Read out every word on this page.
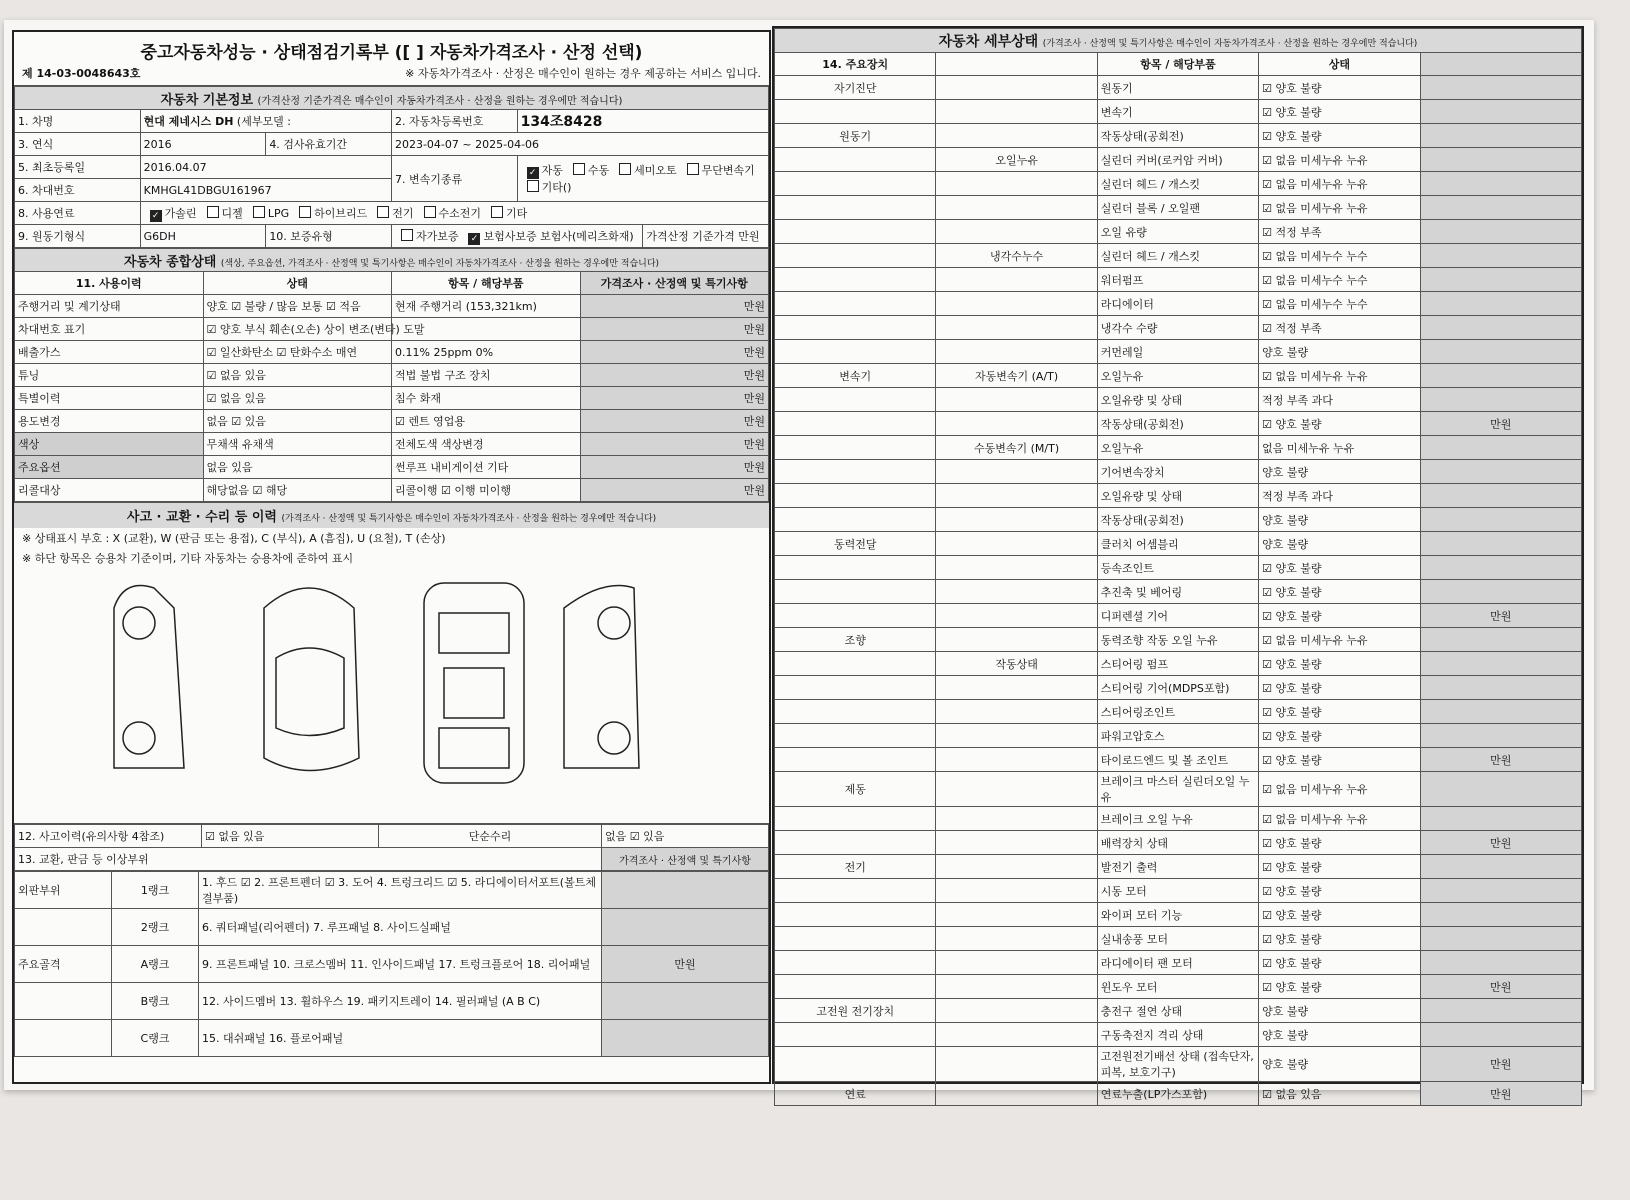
중고자동차성능 · 상태점검기록부 ([ ] 자동차가격조사 · 산정 선택)
제 14-03-0048643호	※ 자동차가격조사 · 산정은 매수인이 원하는 경우 제공하는 서비스 입니다.
자동차 기본정보 (가격산정 기준가격은 매수인이 자동차가격조사 · 산정을 원하는 경우에만 적습니다)					
1. 차명	현대 제네시스 DH (세부모델 :		2. 자동차등록번호	134조8428	
3. 연식	2016	4. 검사유효기간	2023-04-07 ~ 2025-04-06		
5. 최초등록일	2016.04.07		7. 변속기종류	✓ 자동 수동 세미오토 무단변속기기타()	
6. 차대번호	KMHGL41DBGU161967				
8. 사용연료	✓ 가솔린 디젤 LPG 하이브리드 전기 수소전기 기타				
9. 원동기형식	G6DH	10. 보증유형	자가보증 ✓ 보험사보증 보험사(메리츠화재)		가격산정 기준가격 만원
자동차 종합상태 (색상, 주요옵션, 가격조사 · 산정액 및 특기사항은 매수인이 자동차가격조사 · 산정을 원하는 경우에만 적습니다)			
11. 사용이력	상태	항목 / 해당부품	가격조사 · 산정액 및 특기사항
주행거리 및 계기상태	양호 ☑ 불량 / 많음 보통 ☑ 적음	현재 주행거리 (153,321km)	만원
차대번호 표기	☑ 양호 부식 훼손(오손) 상이 변조(변타) 도말		만원
배출가스	☑ 일산화탄소 ☑ 탄화수소 매연	0.11% 25ppm 0%	만원
튜닝	☑ 없음 있음	적법 불법 구조 장치	만원
특별이력	☑ 없음 있음	침수 화재	만원
용도변경	없음 ☑ 있음	☑ 렌트 영업용	만원
색상	무채색 유채색	전체도색 색상변경	만원
주요옵션	없음 있음	썬루프 내비게이션 기타	만원
리콜대상	해당없음 ☑ 해당	리콜이행 ☑ 이행 미이행	만원
사고 · 교환 · 수리 등 이력 (가격조사 · 산정액 및 특기사항은 매수인이 자동차가격조사 · 산정을 원하는 경우에만 적습니다)
※ 상태표시 부호 : X (교환), W (판금 또는 용접), C (부식), A (흠집), U (요철), T (손상)
※ 하단 항목은 승용차 기준이며, 기타 자동차는 승용차에 준하여 표시
12. 사고이력(유의사항 4참조)	☑ 없음 있음	단순수리	없음 ☑ 있음
13. 교환, 판금 등 이상부위			가격조사 · 산정액 및 특기사항
외판부위	1랭크	1. 후드 ☑ 2. 프론트펜더 ☑ 3. 도어 4. 트렁크리드 ☑ 5. 라디에이터서포트(볼트체결부품)	
	2랭크	6. 쿼터패널(리어펜더) 7. 루프패널 8. 사이드실패널	
주요골격	A랭크	9. 프론트패널 10. 크로스멤버 11. 인사이드패널 17. 트렁크플로어 18. 리어패널	만원
	B랭크	12. 사이드멤버 13. 휠하우스 19. 패키지트레이 14. 필러패널 (A B C)	
	C랭크	15. 대쉬패널 16. 플로어패널	
자동차 세부상태 (가격조사 · 산정액 및 특기사항은 매수인이 자동차가격조사 · 산정을 원하는 경우에만 적습니다)				
14. 주요장치		항목 / 해당부품	상태	
자기진단		원동기	☑ 양호 불량	
		변속기	☑ 양호 불량	
원동기		작동상태(공회전)	☑ 양호 불량	
	오일누유	실린더 커버(로커암 커버)	☑ 없음 미세누유 누유	
		실린더 헤드 / 개스킷	☑ 없음 미세누유 누유	
		실린더 블록 / 오일팬	☑ 없음 미세누유 누유	
		오일 유량	☑ 적정 부족	
	냉각수누수	실린더 헤드 / 개스킷	☑ 없음 미세누수 누수	
		워터펌프	☑ 없음 미세누수 누수	
		라디에이터	☑ 없음 미세누수 누수	
		냉각수 수량	☑ 적정 부족	
		커먼레일	양호 불량	
변속기	자동변속기 (A/T)	오일누유	☑ 없음 미세누유 누유	
		오일유량 및 상태	적정 부족 과다	
		작동상태(공회전)	☑ 양호 불량	만원
	수동변속기 (M/T)	오일누유	없음 미세누유 누유	
		기어변속장치	양호 불량	
		오일유량 및 상태	적정 부족 과다	
		작동상태(공회전)	양호 불량	
동력전달		클러치 어셈블리	양호 불량	
		등속조인트	☑ 양호 불량	
		추진축 및 베어링	☑ 양호 불량	
		디퍼렌셜 기어	☑ 양호 불량	만원
조향		동력조향 작동 오일 누유	☑ 없음 미세누유 누유	
	작동상태	스티어링 펌프	☑ 양호 불량	
		스티어링 기어(MDPS포함)	☑ 양호 불량	
		스티어링조인트	☑ 양호 불량	
		파워고압호스	☑ 양호 불량	
		타이로드엔드 및 볼 조인트	☑ 양호 불량	만원
제동		브레이크 마스터 실린더오일 누유	☑ 없음 미세누유 누유	
		브레이크 오일 누유	☑ 없음 미세누유 누유	
		배력장치 상태	☑ 양호 불량	만원
전기		발전기 출력	☑ 양호 불량	
		시동 모터	☑ 양호 불량	
		와이퍼 모터 기능	☑ 양호 불량	
		실내송풍 모터	☑ 양호 불량	
		라디에이터 팬 모터	☑ 양호 불량	
		윈도우 모터	☑ 양호 불량	만원
고전원 전기장치		충전구 절연 상태	양호 불량	
		구동축전지 격리 상태	양호 불량	
		고전원전기배선 상태 (접속단자, 피복, 보호기구)	양호 불량	만원
연료		연료누출(LP가스포함)	☑ 없음 있음	만원
